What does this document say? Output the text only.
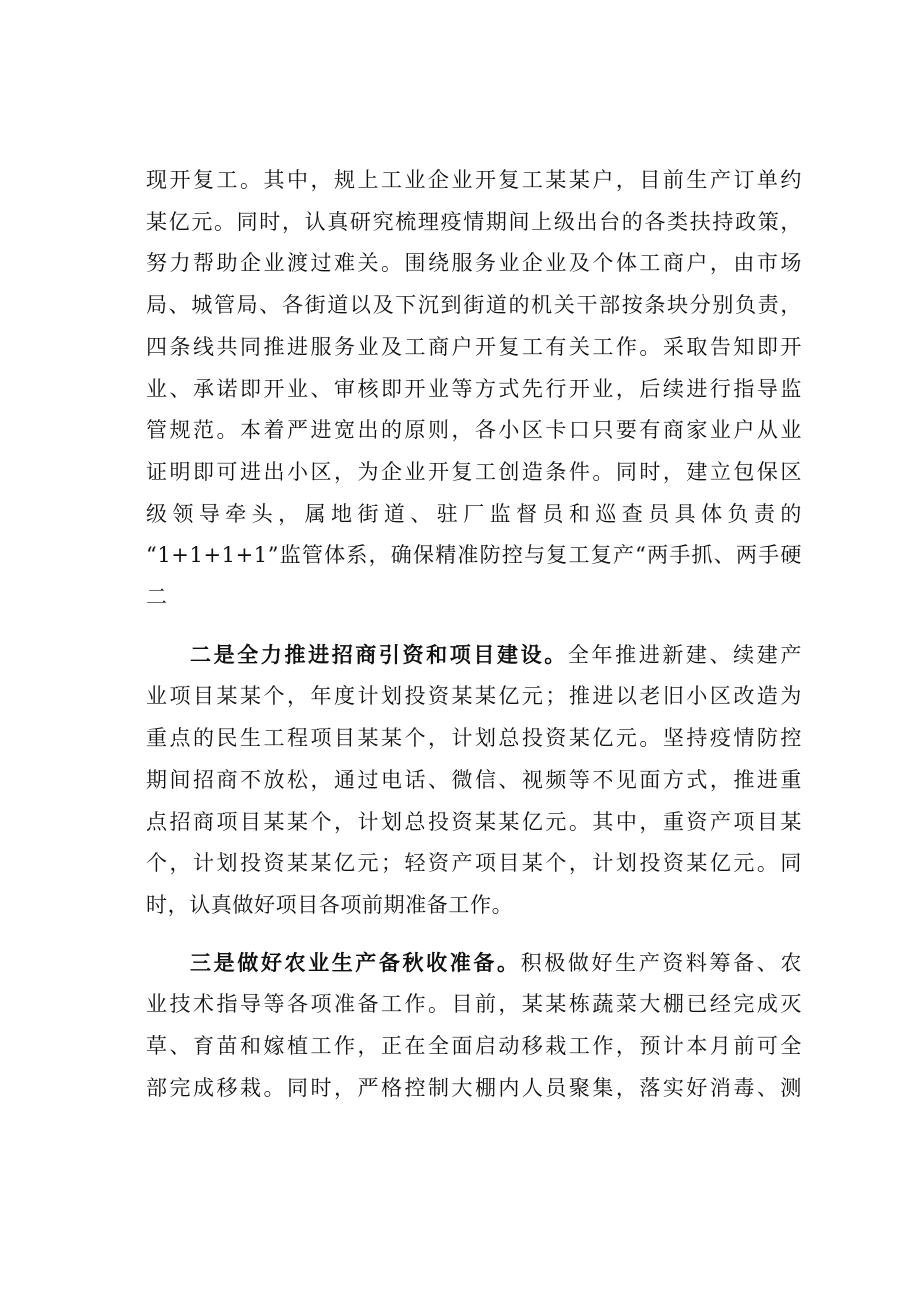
现开复工。其中，规上工业企业开复工某某户，目前生产订单约
某亿元。同时，认真研究梳理疫情期间上级出台的各类扶持政策，
努力帮助企业渡过难关。围绕服务业企业及个体工商户，由市场
局、城管局、各街道以及下沉到街道的机关干部按条块分别负责，
四条线共同推进服务业及工商户开复工有关工作。采取告知即开
业、承诺即开业、审核即开业等方式先行开业，后续进行指导监
管规范。本着严进宽出的原则，各小区卡口只要有商家业户从业
证明即可进出小区，为企业开复工创造条件。同时，建立包保区
级领导牵头，属地街道、驻厂监督员和巡查员具体负责的
“1+1+1+1”监管体系，确保精准防控与复工复产“两手抓、两手硬
二
二是全力推进招商引资和项目建设。全年推进新建、续建产
业项目某某个，年度计划投资某某亿元；推进以老旧小区改造为
重点的民生工程项目某某个，计划总投资某亿元。坚持疫情防控
期间招商不放松，通过电话、微信、视频等不见面方式，推进重
点招商项目某某个，计划总投资某某亿元。其中，重资产项目某
个，计划投资某某亿元；轻资产项目某个，计划投资某亿元。同
时，认真做好项目各项前期准备工作。
三是做好农业生产备秋收准备。积极做好生产资料筹备、农
业技术指导等各项准备工作。目前，某某栋蔬菜大棚已经完成灭
草、育苗和嫁植工作，正在全面启动移栽工作，预计本月前可全
部完成移栽。同时，严格控制大棚内人员聚集，落实好消毒、测
